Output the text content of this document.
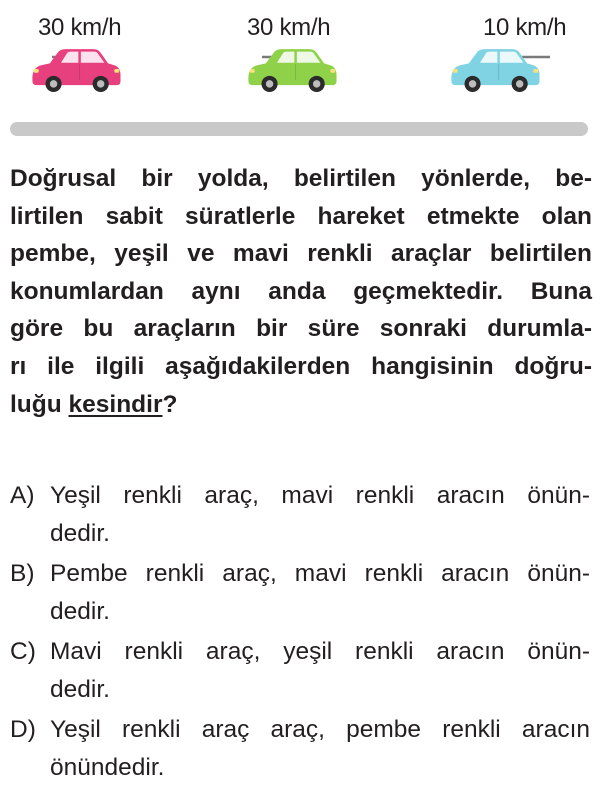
30 km/h	30 km/h	10 km/h

Doğrusal bir yolda, belirtilen yönlerde, be-
lirtilen sabit süratlerle hareket etmekte olan
pembe, yeşil ve mavi renkli araçlar belirtilen
konumlardan aynı anda geçmektedir. Buna
göre bu araçların bir süre sonraki durumla-
rı ile ilgili aşağıdakilerden hangisinin doğru-
luğu kesindir?

A) Yeşil renkli araç, mavi renkli aracın önün-
dedir.
B) Pembe renkli araç, mavi renkli aracın önün-
dedir.
C) Mavi renkli araç, yeşil renkli aracın önün-
dedir.
D) Yeşil renkli araç araç, pembe renkli aracın
önündedir.
